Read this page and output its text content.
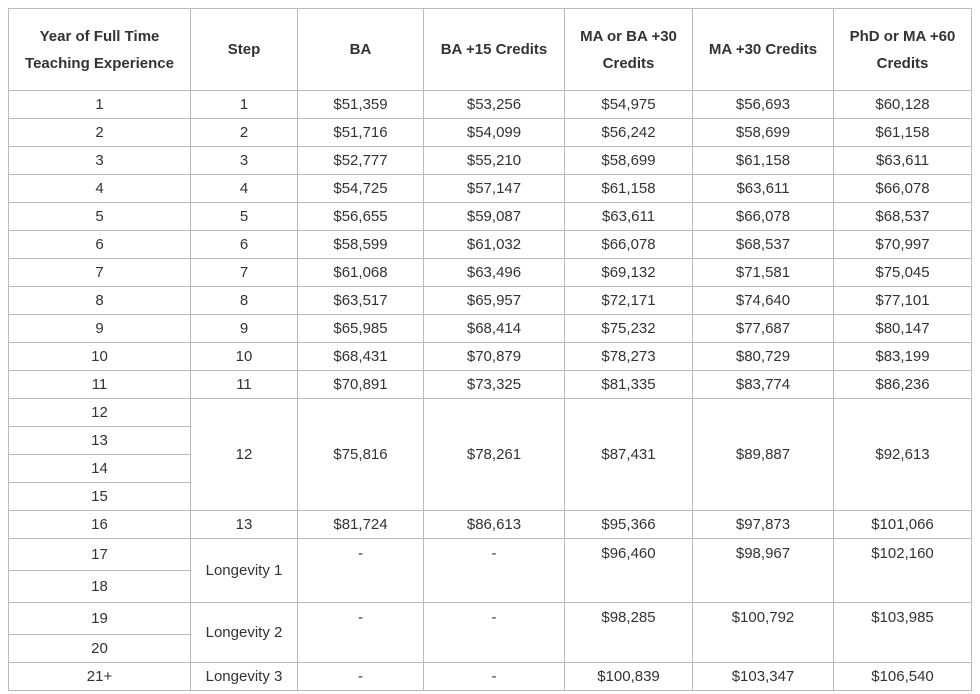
Year of Full Time Teaching Experience	Step	BA	BA +15 Credits	MA or BA +30 Credits	MA +30 Credits	PhD or MA +60 Credits
1	1	$51,359	$53,256	$54,975	$56,693	$60,128
2	2	$51,716	$54,099	$56,242	$58,699	$61,158
3	3	$52,777	$55,210	$58,699	$61,158	$63,611
4	4	$54,725	$57,147	$61,158	$63,611	$66,078
5	5	$56,655	$59,087	$63,611	$66,078	$68,537
6	6	$58,599	$61,032	$66,078	$68,537	$70,997
7	7	$61,068	$63,496	$69,132	$71,581	$75,045
8	8	$63,517	$65,957	$72,171	$74,640	$77,101
9	9	$65,985	$68,414	$75,232	$77,687	$80,147
10	10	$68,431	$70,879	$78,273	$80,729	$83,199
11	11	$70,891	$73,325	$81,335	$83,774	$86,236
12	12	$75,816	$78,261	$87,431	$89,887	$92,613
13						
14						
15						
16	13	$81,724	$86,613	$95,366	$97,873	$101,066
17	Longevity 1	-	-	$96,460	$98,967	$102,160
18						
19	Longevity 2	-	-	$98,285	$100,792	$103,985
20						
21+	Longevity 3	-	-	$100,839	$103,347	$106,540
